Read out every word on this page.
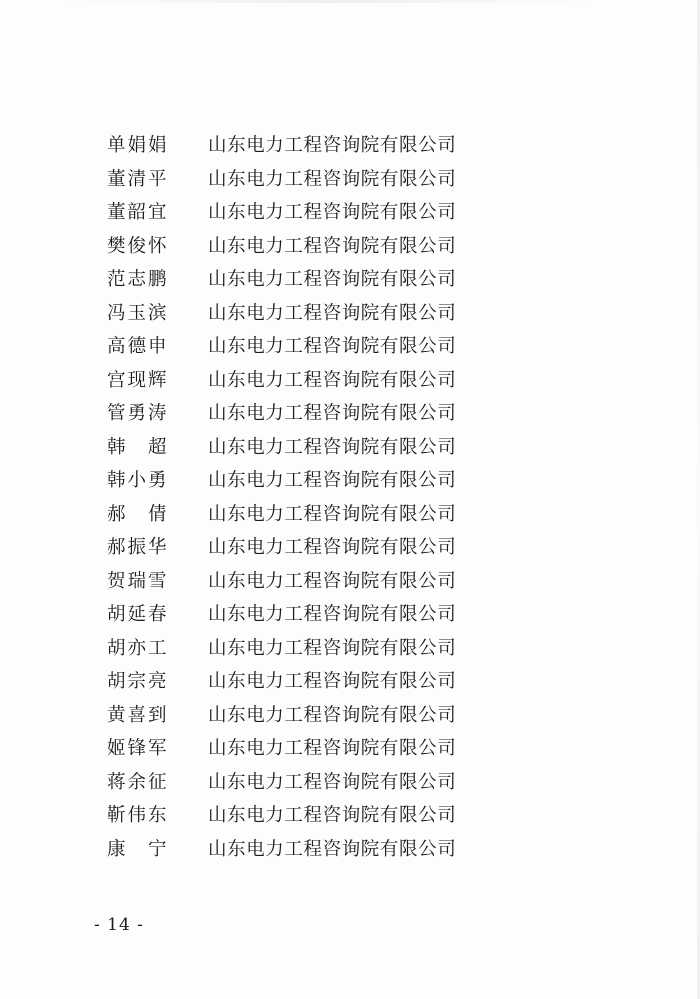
单娟娟 山东电力工程咨询院有限公司
董清平 山东电力工程咨询院有限公司
董韶宜 山东电力工程咨询院有限公司
樊俊怀 山东电力工程咨询院有限公司
范志鹏 山东电力工程咨询院有限公司
冯玉滨 山东电力工程咨询院有限公司
高德申 山东电力工程咨询院有限公司
宫现辉 山东电力工程咨询院有限公司
管勇涛 山东电力工程咨询院有限公司
韩 超 山东电力工程咨询院有限公司
韩小勇 山东电力工程咨询院有限公司
郝 倩 山东电力工程咨询院有限公司
郝振华 山东电力工程咨询院有限公司
贺瑞雪 山东电力工程咨询院有限公司
胡延春 山东电力工程咨询院有限公司
胡亦工 山东电力工程咨询院有限公司
胡宗亮 山东电力工程咨询院有限公司
黄喜到 山东电力工程咨询院有限公司
姬锋军 山东电力工程咨询院有限公司
蒋余征 山东电力工程咨询院有限公司
靳伟东 山东电力工程咨询院有限公司
康 宁 山东电力工程咨询院有限公司
- 14 -
